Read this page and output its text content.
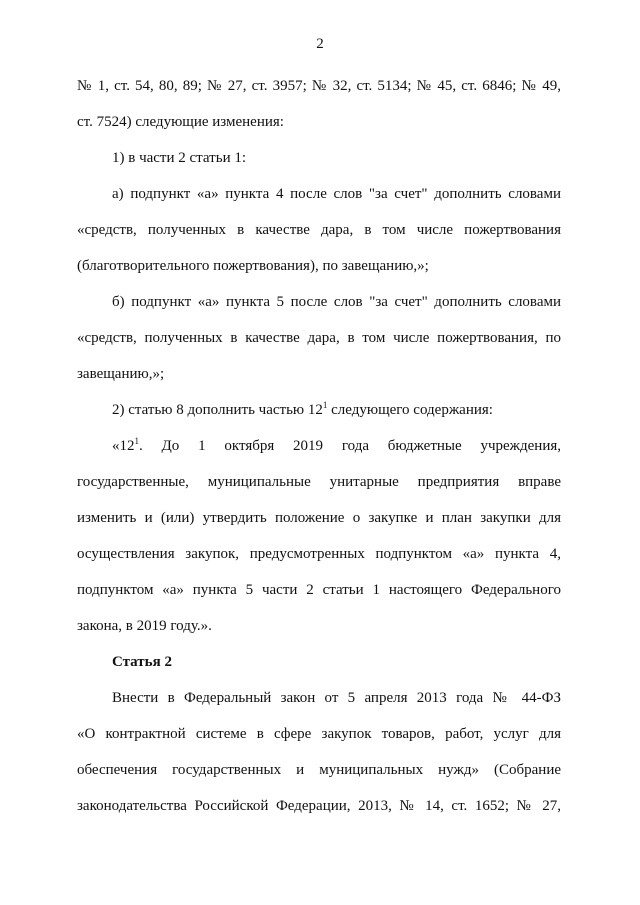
2
№ 1, ст. 54, 80, 89; № 27, ст. 3957; № 32, ст. 5134; № 45, ст. 6846; № 49,
ст. 7524) следующие изменения:
1) в части 2 статьи 1:
а) подпункт «а» пункта 4 после слов "за счет" дополнить словами
«средств, полученных в качестве дара, в том числе пожертвования
(благотворительного пожертвования), по завещанию,»;
б) подпункт «а» пункта 5 после слов "за счет" дополнить словами
«средств, полученных в качестве дара, в том числе пожертвования, по
завещанию,»;
2) статью 8 дополнить частью $12^1$ следующего содержания:
«$12^1$. До 1 октября 2019 года бюджетные учреждения,
государственные, муниципальные унитарные предприятия вправе
изменить и (или) утвердить положение о закупке и план закупки для
осуществления закупок, предусмотренных подпунктом «а» пункта 4,
подпунктом «а» пункта 5 части 2 статьи 1 настоящего Федерального
закона, в 2019 году.».
Статья 2
Внести в Федеральный закон от 5 апреля 2013 года № 44-ФЗ
«О контрактной системе в сфере закупок товаров, работ, услуг для
обеспечения государственных и муниципальных нужд» (Собрание
законодательства Российской Федерации, 2013, № 14, ст. 1652; № 27,
